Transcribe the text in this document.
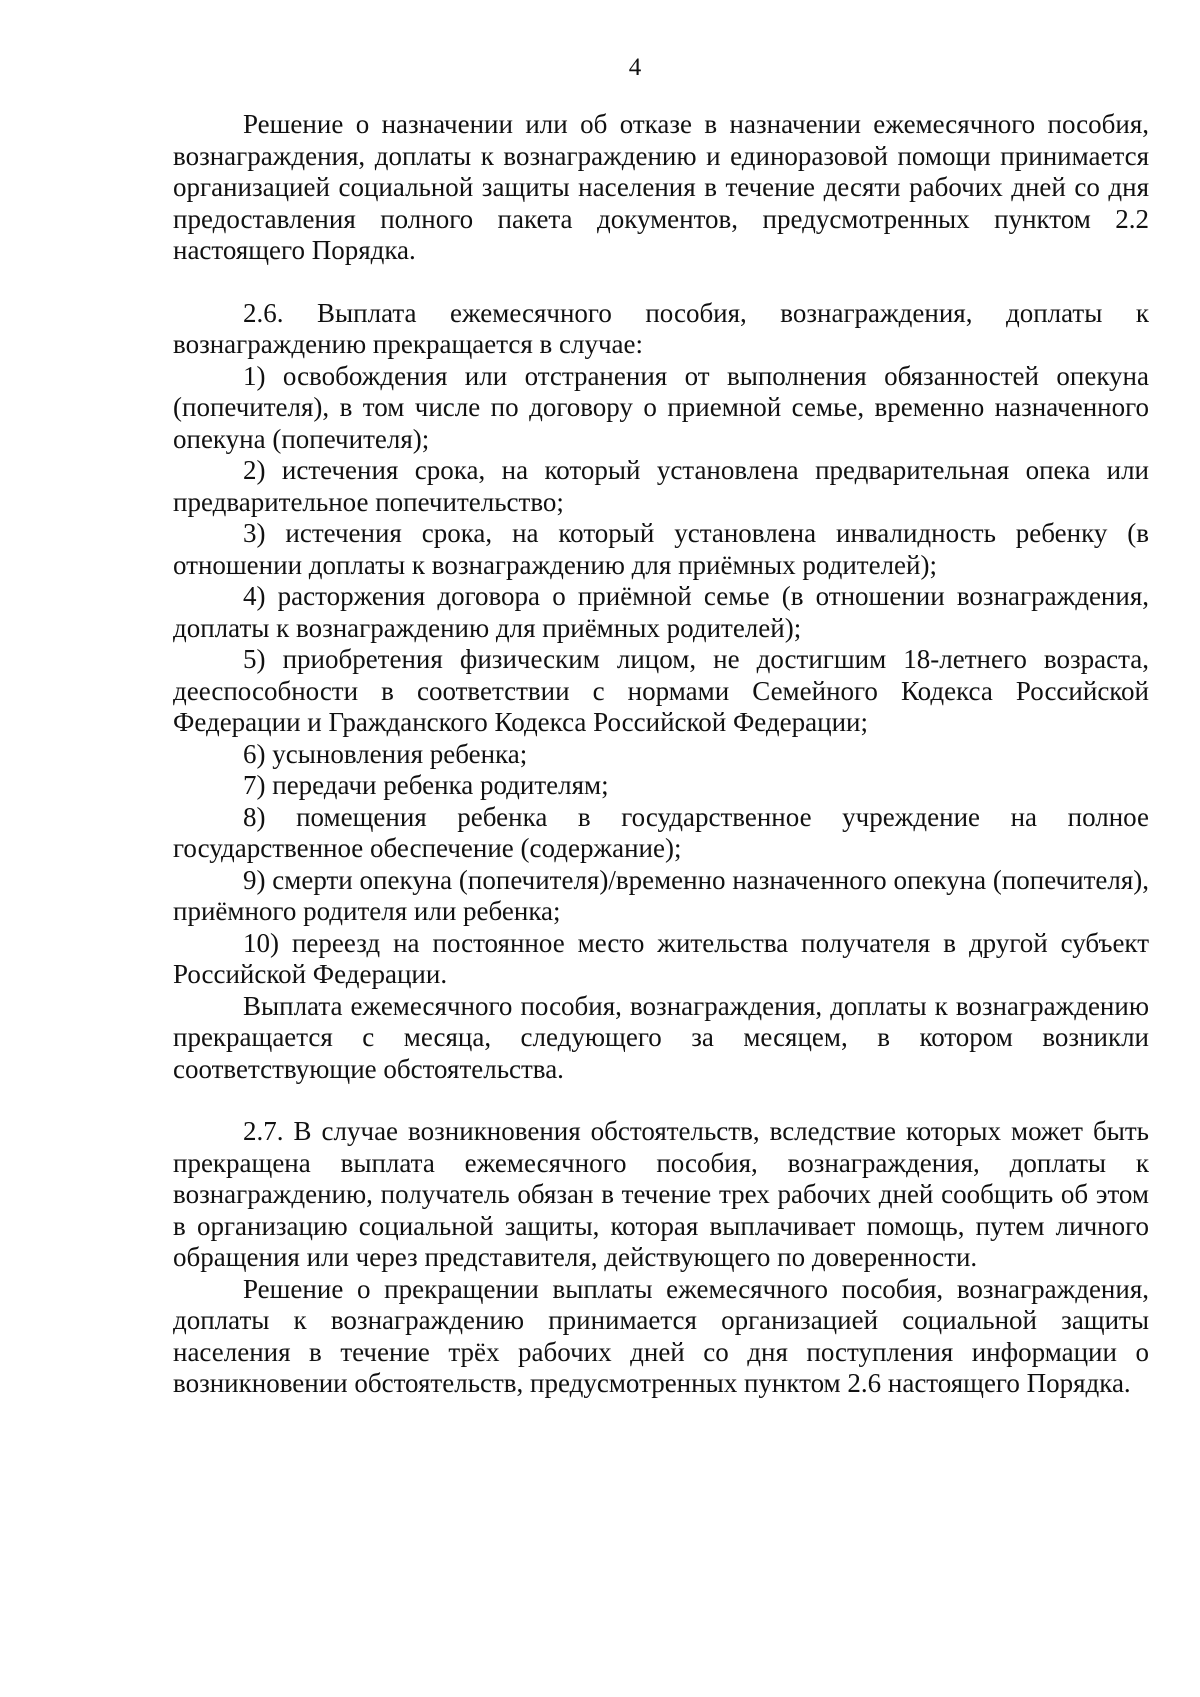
4

Решение о назначении или об отказе в назначении ежемесячного пособия, вознаграждения, доплаты к вознаграждению и единоразовой помощи принимается организацией социальной защиты населения в течение десяти рабочих дней со дня предоставления полного пакета документов, предусмотренных пунктом 2.2 настоящего Порядка.

2.6. Выплата ежемесячного пособия, вознаграждения, доплаты к вознаграждению прекращается в случае:

1) освобождения или отстранения от выполнения обязанностей опекуна (попечителя), в том числе по договору о приемной семье, временно назначенного опекуна (попечителя);

2) истечения срока, на который установлена предварительная опека или предварительное попечительство;

3) истечения срока, на который установлена инвалидность ребенку (в отношении доплаты к вознаграждению для приёмных родителей);

4) расторжения договора о приёмной семье (в отношении вознаграждения, доплаты к вознаграждению для приёмных родителей);

5) приобретения физическим лицом, не достигшим 18-летнего возраста, дееспособности в соответствии с нормами Семейного Кодекса Российской Федерации и Гражданского Кодекса Российской Федерации;

6) усыновления ребенка;

7) передачи ребенка родителям;

8) помещения ребенка в государственное учреждение на полное государственное обеспечение (содержание);

9) смерти опекуна (попечителя)/временно назначенного опекуна (попечителя), приёмного родителя или ребенка;

10) переезд на постоянное место жительства получателя в другой субъект Российской Федерации.

Выплата ежемесячного пособия, вознаграждения, доплаты к вознаграждению прекращается с месяца, следующего за месяцем, в котором возникли соответствующие обстоятельства.

2.7. В случае возникновения обстоятельств, вследствие которых может быть прекращена выплата ежемесячного пособия, вознаграждения, доплаты к вознаграждению, получатель обязан в течение трех рабочих дней сообщить об этом в организацию социальной защиты, которая выплачивает помощь, путем личного обращения или через представителя, действующего по доверенности.

Решение о прекращении выплаты ежемесячного пособия, вознаграждения, доплаты к вознаграждению принимается организацией социальной защиты населения в течение трёх рабочих дней со дня поступления информации о возникновении обстоятельств, предусмотренных пунктом 2.6 настоящего Порядка.
